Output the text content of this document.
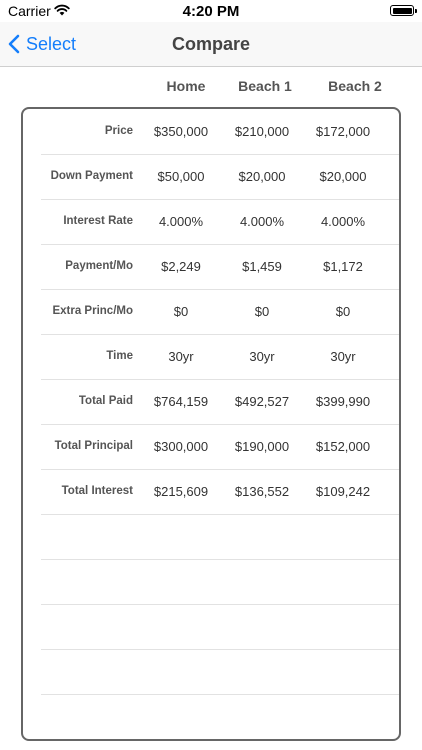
Carrier	4:20 PM
Select	Compare
Home	Beach 1	Beach 2
Price	$350,000	$210,000	$172,000
Down Payment	$50,000	$20,000	$20,000
Interest Rate	4.000%	4.000%	4.000%
Payment/Mo	$2,249	$1,459	$1,172
Extra Princ/Mo	$0	$0	$0
Time	30yr	30yr	30yr
Total Paid	$764,159	$492,527	$399,990
Total Principal	$300,000	$190,000	$152,000
Total Interest	$215,609	$136,552	$109,242
